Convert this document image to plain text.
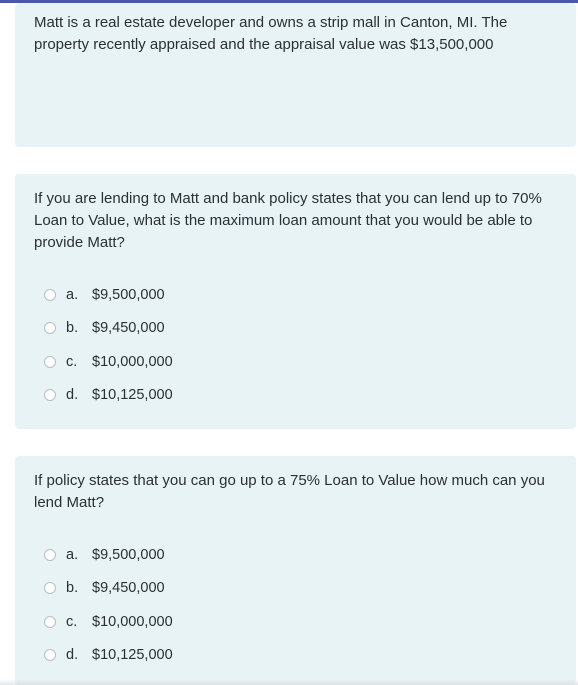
Matt is a real estate developer and owns a strip mall in Canton, MI. The property recently appraised and the appraisal value was $13,500,000

If you are lending to Matt and bank policy states that you can lend up to 70% Loan to Value, what is the maximum loan amount that you would be able to provide Matt?

a. $9,500,000
b. $9,450,000
c.	$10,000,000
d. $10,125,000

If policy states that you can go up to a 75% Loan to Value how much can you lend Matt?

a. $9,500,000
b. $9,450,000
c.	$10,000,000
d. $10,125,000
